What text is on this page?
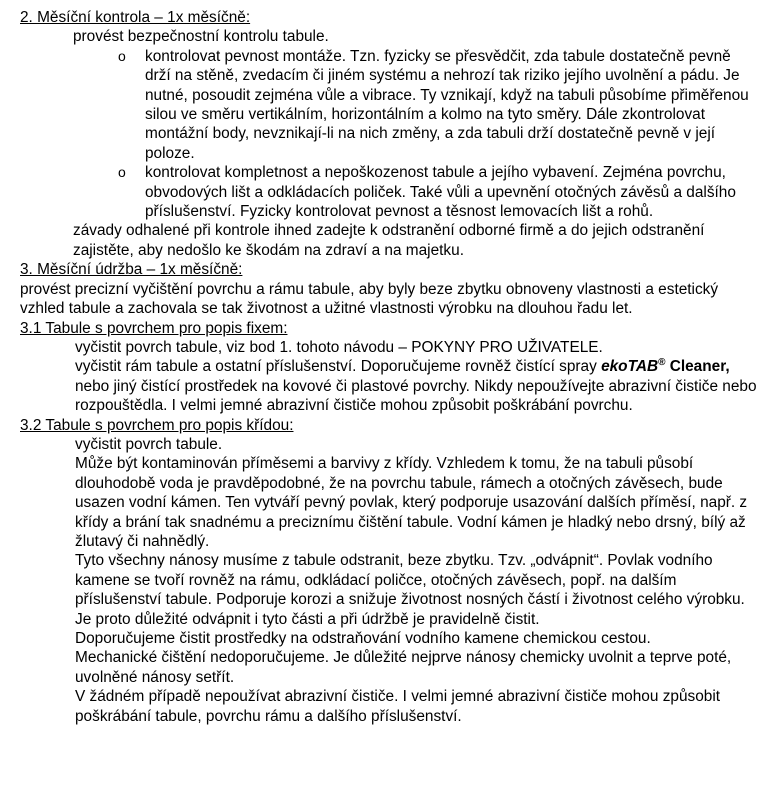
2. Měsíční kontrola – 1x měsíčně:
provést bezpečnostní kontrolu tabule.
o kontrolovat pevnost montáže. Tzn. fyzicky se přesvědčit, zda tabule dostatečně pevně drží na stěně, zvedacím či jiném systému a nehrozí tak riziko jejího uvolnění a pádu. Je nutné, posoudit zejména vůle a vibrace. Ty vznikají, když na tabuli působíme přiměřenou silou ve směru vertikálním, horizontálním a kolmo na tyto směry. Dále zkontrolovat montážní body, nevznikají-li na nich změny, a zda tabuli drží dostatečně pevně v její poloze.
o kontrolovat kompletnost a nepoškozenost tabule a jejího vybavení. Zejména povrchu, obvodových lišt a odkládacích poliček. Také vůli a upevnění otočných závěsů a dalšího příslušenství. Fyzicky kontrolovat pevnost a těsnost lemovacích lišt a rohů.
závady odhalené při kontrole ihned zadejte k odstranění odborné firmě a do jejich odstranění zajistěte, aby nedošlo ke škodám na zdraví a na majetku.
3. Měsíční údržba – 1x měsíčně:
provést precizní vyčištění povrchu a rámu tabule, aby byly beze zbytku obnoveny vlastnosti a estetický vzhled tabule a zachovala se tak životnost a užitné vlastnosti výrobku na dlouhou řadu let.
3.1 Tabule s povrchem pro popis fixem:
vyčistit povrch tabule, viz bod 1. tohoto návodu – POKYNY PRO UŽIVATELE.
vyčistit rám tabule a ostatní příslušenství. Doporučujeme rovněž čistící spray ekoTAB® Cleaner, nebo jiný čistící prostředek na kovové či plastové povrchy. Nikdy nepoužívejte abrazivní čističe nebo rozpouštědla. I velmi jemné abrazivní čističe mohou způsobit poškrábání povrchu.
3.2 Tabule s povrchem pro popis křídou:
vyčistit povrch tabule.
Může být kontaminován příměsemi a barvivy z křídy. Vzhledem k tomu, že na tabuli působí dlouhodobě voda je pravděpodobné, že na povrchu tabule, rámech a otočných závěsech, bude usazen vodní kámen. Ten vytváří pevný povlak, který podporuje usazování dalších příměsí, např. z křídy a brání tak snadnému a preciznímu čištění tabule. Vodní kámen je hladký nebo drsný, bílý až žlutavý či nahnědlý.
Tyto všechny nánosy musíme z tabule odstranit, beze zbytku. Tzv. „odvápnit“. Povlak vodního kamene se tvoří rovněž na rámu, odkládací poličce, otočných závěsech, popř. na dalším příslušenství tabule. Podporuje korozi a snižuje životnost nosných částí i životnost celého výrobku. Je proto důležité odvápnit i tyto části a při údržbě je pravidelně čistit.
Doporučujeme čistit prostředky na odstraňování vodního kamene chemickou cestou.
Mechanické čištění nedoporučujeme. Je důležité nejprve nánosy chemicky uvolnit a teprve poté, uvolněné nánosy setřít.
V žádném případě nepoužívat abrazivní čističe. I velmi jemné abrazivní čističe mohou způsobit poškrábání tabule, povrchu rámu a dalšího příslušenství.
